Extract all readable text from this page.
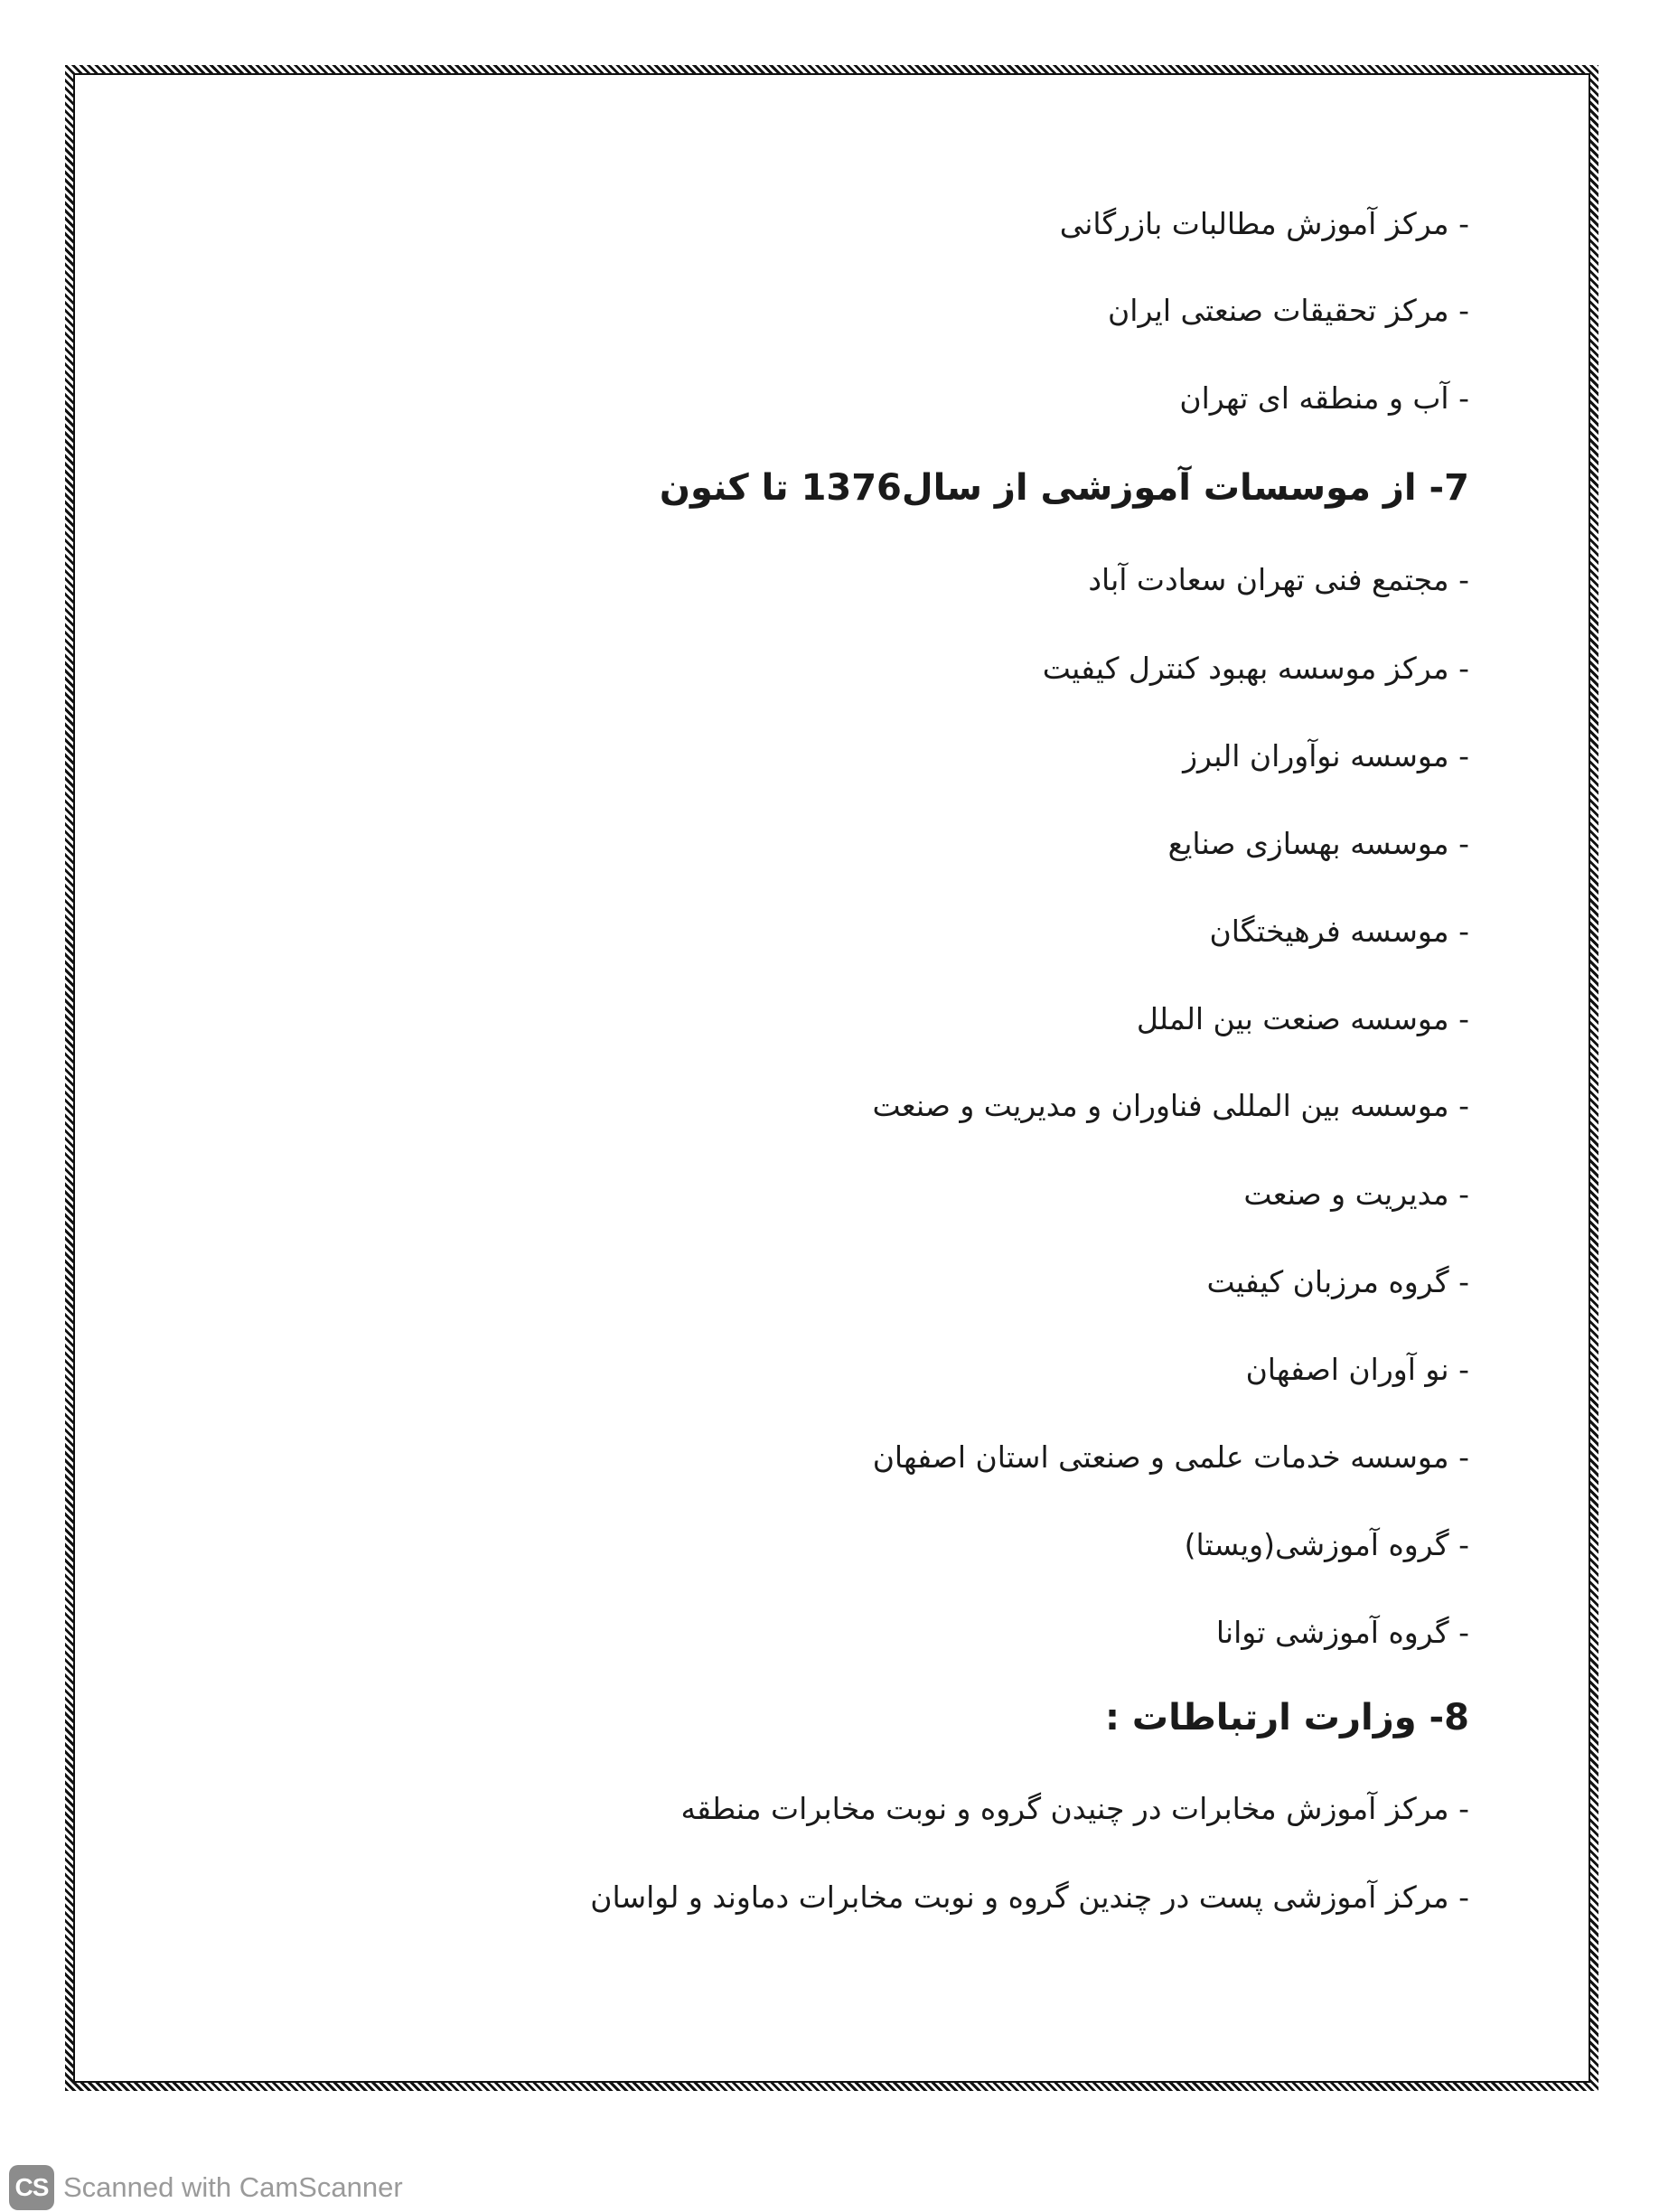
- مرکز آموزش مطالبات بازرگانی
- مرکز تحقیقات صنعتی ایران
- آب و منطقه ای تهران
7- از موسسات آموزشی از سال1376 تا کنون
- مجتمع فنی تهران سعادت آباد
- مرکز موسسه بهبود کنترل کیفیت
- موسسه نوآوران البرز
- موسسه بهسازی صنایع
- موسسه فرهیختگان
- موسسه صنعت بین الملل
- موسسه بین المللی فناوران و مدیریت و صنعت
- مدیریت و صنعت
- گروه مرزبان کیفیت
- نو آوران اصفهان
- موسسه خدمات علمی و صنعتی استان اصفهان
- گروه آموزشی(ویستا)
- گروه آموزشی توانا
8- وزارت ارتباطات :
- مرکز آموزش مخابرات در چنیدن گروه و نوبت مخابرات منطقه
- مرکز آموزشی پست در چندین گروه و نوبت مخابرات دماوند و لواسان
CS Scanned with CamScanner
